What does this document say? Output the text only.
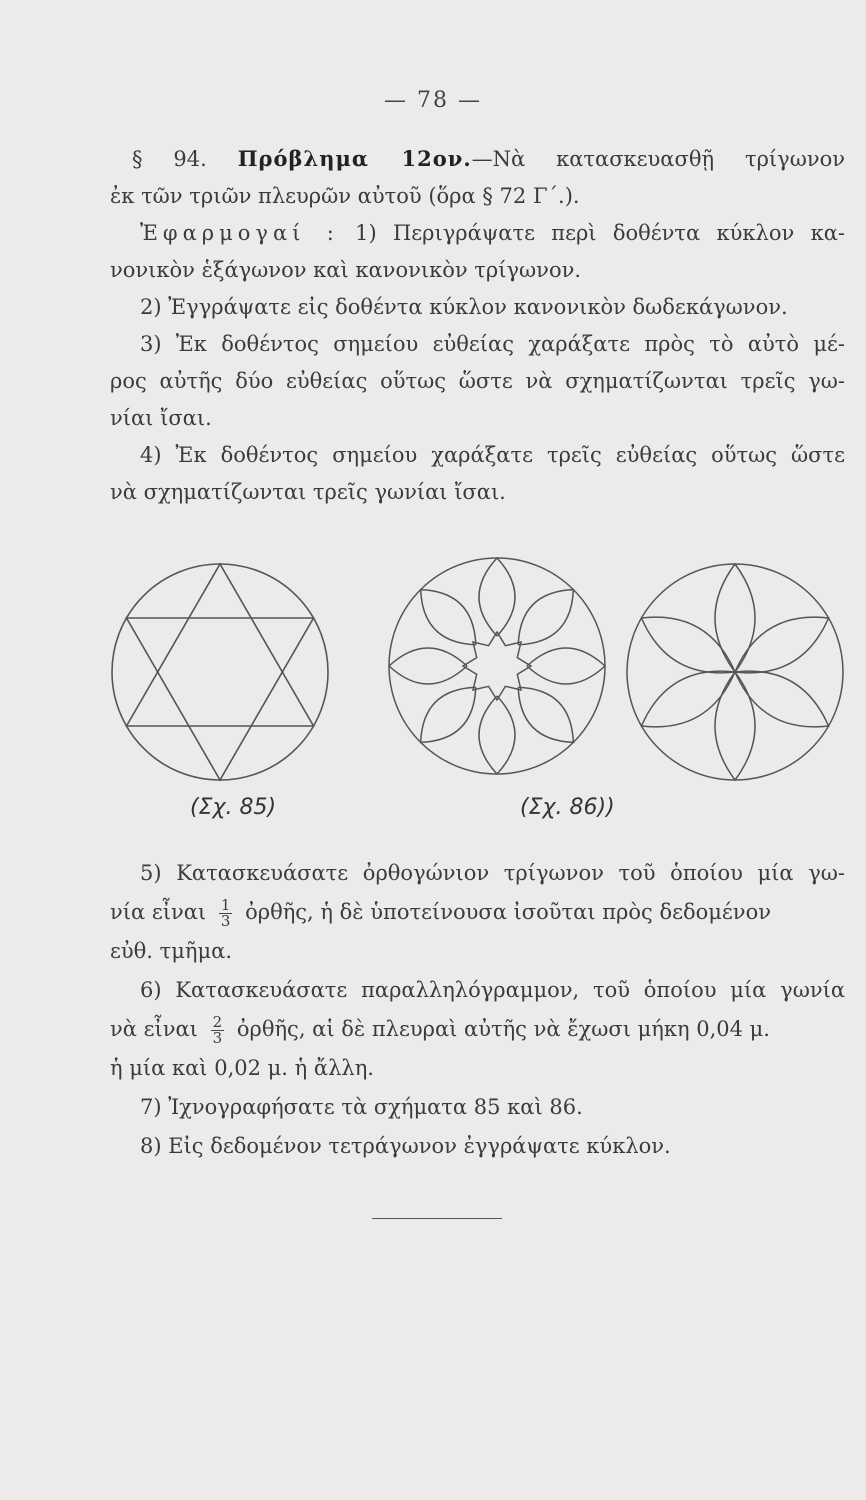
— 78 —
§ 94. Πρόβλημα 12ον.—Νὰ κατασκευασθῇ τρίγωνον
ἐκ τῶν τριῶν πλευρῶν αὐτοῦ (ὅρα § 72 Γ΄.).
Ἐφαρμογαί : 1) Περιγράψατε περὶ δοθέντα κύκλον κα-
νονικὸν ἑξάγωνον καὶ κανονικὸν τρίγωνον.
2) Ἐγγράψατε εἰς δοθέντα κύκλον κανονικὸν δωδεκάγωνον.
3) Ἐκ δοθέντος σημείου εὐθείας χαράξατε πρὸς τὸ αὐτὸ μέ-
ρος αὐτῆς δύο εὐθείας οὕτως ὥστε νὰ σχηματίζωνται τρεῖς γω-
νίαι ἴσαι.
4) Ἐκ δοθέντος σημείου χαράξατε τρεῖς εὐθείας οὕτως ὥστε
νὰ σχηματίζωνται τρεῖς γωνίαι ἴσαι.
(Σχ. 85)	(Σχ. 86))
5) Κατασκευάσατε ὀρθογώνιον τρίγωνον τοῦ ὁποίου μία γω-
νία εἶναι $\frac{1}{3}$ ὀρθῆς, ἡ δὲ ὑποτείνουσα ἰσοῦται πρὸς δεδομένον
εὐθ. τμῆμα.
6) Κατασκευάσατε παραλληλόγραμμον, τοῦ ὁποίου μία γωνία
νὰ εἶναι $\frac{2}{3}$ ὀρθῆς, αἱ δὲ πλευραὶ αὐτῆς νὰ ἔχωσι μήκη 0,04 μ.
ἡ μία καὶ 0,02 μ. ἡ ἄλλη.
7) Ἰχνογραφήσατε τὰ σχήματα 85 καὶ 86.
8) Εἰς δεδομένον τετράγωνον ἐγγράψατε κύκλον.
